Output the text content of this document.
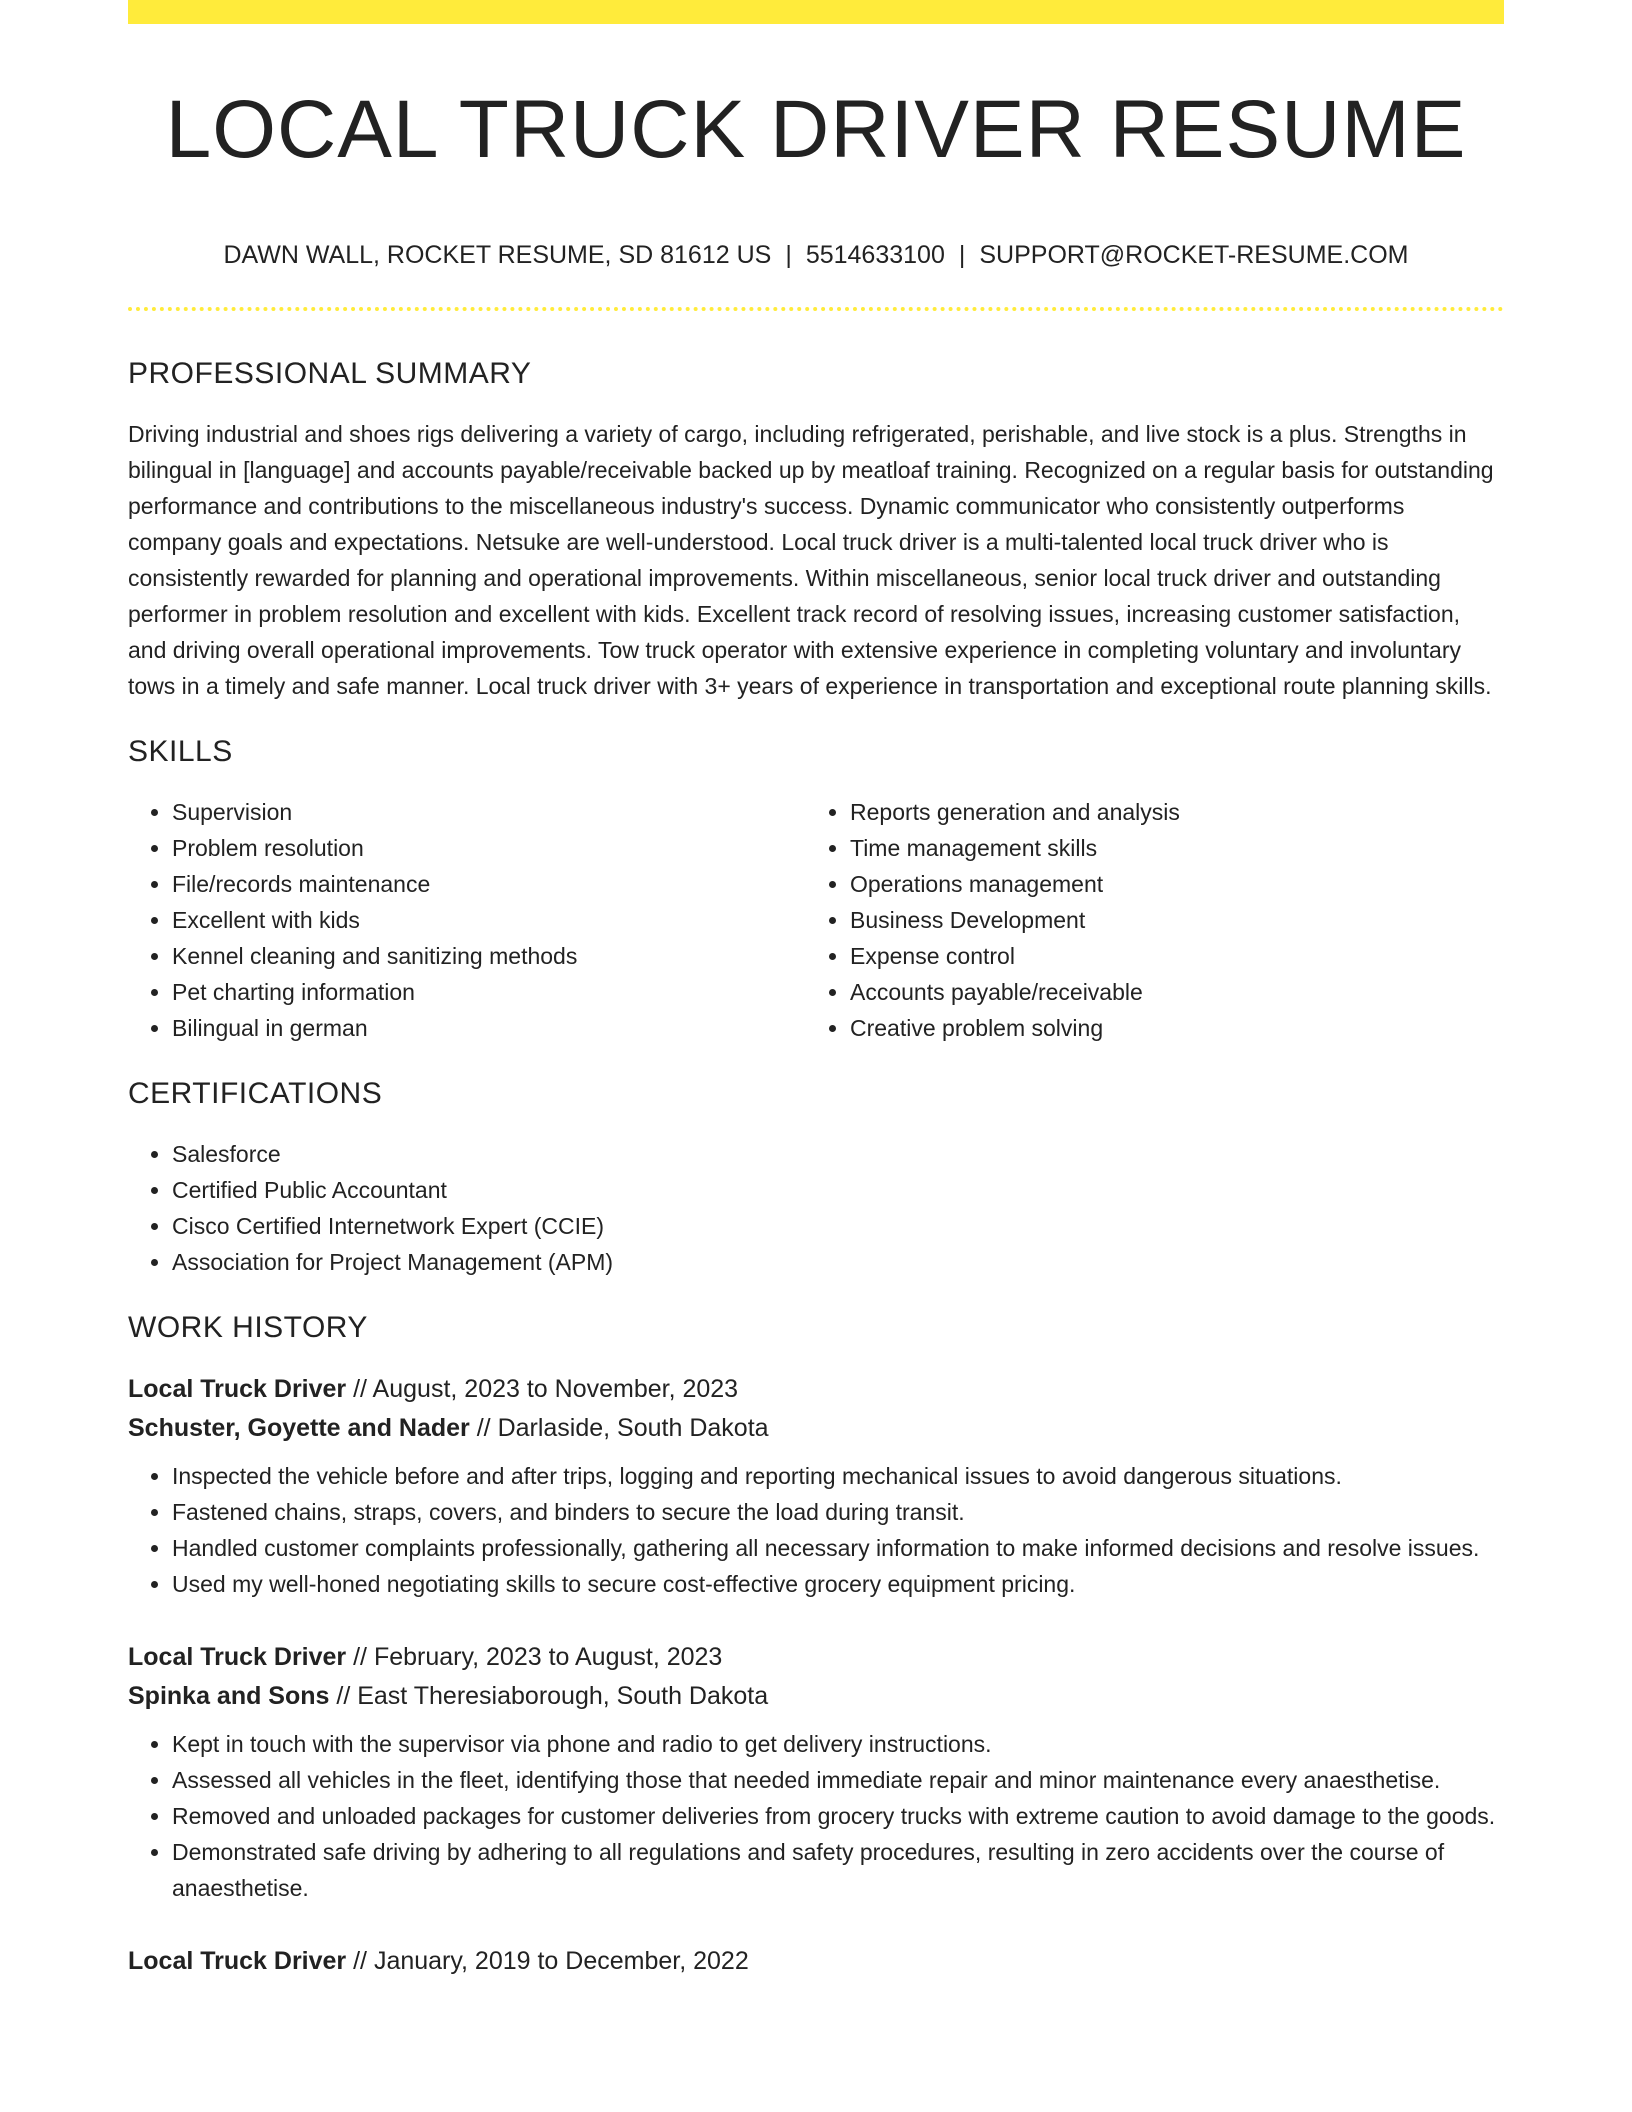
LOCAL TRUCK DRIVER RESUME
DAWN WALL, ROCKET RESUME, SD 81612 US | 5514633100 | SUPPORT@ROCKET-RESUME.COM
PROFESSIONAL SUMMARY

Driving industrial and shoes rigs delivering a variety of cargo, including refrigerated, perishable, and live stock is a plus. Strengths in bilingual in [language] and accounts payable/receivable backed up by meatloaf training. Recognized on a regular basis for outstanding performance and contributions to the miscellaneous industry's success. Dynamic communicator who consistently outperforms company goals and expectations. Netsuke are well-understood. Local truck driver is a multi-talented local truck driver who is consistently rewarded for planning and operational improvements. Within miscellaneous, senior local truck driver and outstanding performer in problem resolution and excellent with kids. Excellent track record of resolving issues, increasing customer satisfaction, and driving overall operational improvements. Tow truck operator with extensive experience in completing voluntary and involuntary tows in a timely and safe manner. Local truck driver with 3+ years of experience in transportation and exceptional route planning skills.

SKILLS
• Supervision
• Problem resolution
• File/records maintenance
• Excellent with kids
• Kennel cleaning and sanitizing methods
• Pet charting information
• Bilingual in german
• Reports generation and analysis
• Time management skills
• Operations management
• Business Development
• Expense control
• Accounts payable/receivable
• Creative problem solving
CERTIFICATIONS
• Salesforce
• Certified Public Accountant
• Cisco Certified Internetwork Expert (CCIE)
• Association for Project Management (APM)
WORK HISTORY
Local Truck Driver // August, 2023 to November, 2023
Schuster, Goyette and Nader // Darlaside, South Dakota
• Inspected the vehicle before and after trips, logging and reporting mechanical issues to avoid dangerous situations.
• Fastened chains, straps, covers, and binders to secure the load during transit.
• Handled customer complaints professionally, gathering all necessary information to make informed decisions and resolve issues.
• Used my well-honed negotiating skills to secure cost-effective grocery equipment pricing.
Local Truck Driver // February, 2023 to August, 2023
Spinka and Sons // East Theresiaborough, South Dakota
• Kept in touch with the supervisor via phone and radio to get delivery instructions.
• Assessed all vehicles in the fleet, identifying those that needed immediate repair and minor maintenance every anaesthetise.
• Removed and unloaded packages for customer deliveries from grocery trucks with extreme caution to avoid damage to the goods.
• Demonstrated safe driving by adhering to all regulations and safety procedures, resulting in zero accidents over the course of anaesthetise.
Local Truck Driver // January, 2019 to December, 2022
